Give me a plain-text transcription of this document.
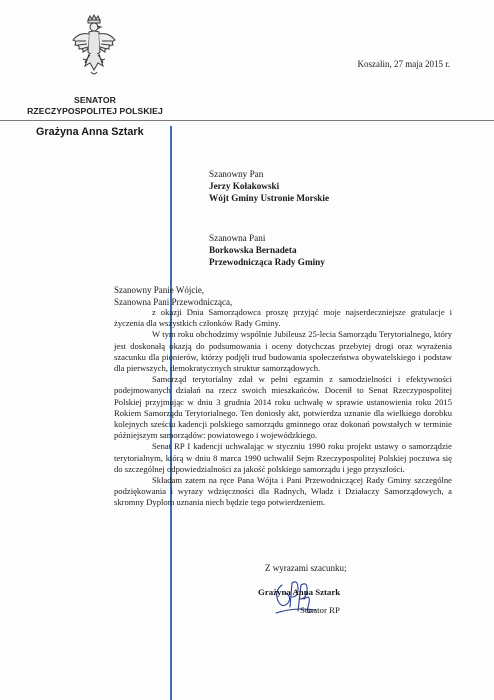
SENATOR
RZECZYPOSPOLITEJ POLSKIEJ
Grażyna Anna Sztark
Koszalin, 27 maja 2015 r.
Szanowny Pan
Jerzy Kołakowski
Wójt Gminy Ustronie Morskie
Szanowna Pani
Borkowska Bernadeta
Przewodnicząca Rady Gminy
Szanowny Panie Wójcie,
Szanowna Pani Przewodnicząca,

z okazji Dnia Samorządowca proszę przyjąć moje najserdeczniejsze gratulacje i życzenia dla wszystkich członków Rady Gminy.

W tym roku obchodzimy wspólnie Jubileusz 25-lecia Samorządu Terytorialnego, który jest doskonałą okazją do podsumowania i oceny dotychczas przebytej drogi oraz wyrażenia szacunku dla pionierów, którzy podjęli trud budowania społeczeństwa obywatelskiego i podstaw dla pierwszych, demokratycznych struktur samorządowych.

Samorząd terytorialny zdał w pełni egzamin z samodzielności i efektywności podejmowanych działań na rzecz swoich mieszkańców. Docenił to Senat Rzeczypospolitej Polskiej przyjmując w dniu 3 grudnia 2014 roku uchwałę w sprawie ustanowienia roku 2015 Rokiem Samorządu Terytorialnego. Ten doniosły akt, potwierdza uznanie dla wielkiego dorobku kolejnych sześciu kadencji polskiego samorządu gminnego oraz dokonań powstałych w terminie późniejszym samorządów: powiatowego i wojewódzkiego.

Senat RP I kadencji uchwalając w styczniu 1990 roku projekt ustawy o samorządzie terytorialnym, którą w dniu 8 marca 1990 uchwalił Sejm Rzeczypospolitej Polskiej poczuwa się do szczególnej odpowiedzialności za jakość polskiego samorządu i jego przyszłości.

Składam zatem na ręce Pana Wójta i Pani Przewodniczącej Rady Gminy szczególne podziękowania i wyrazy wdzięczności dla Radnych, Władz i Działaczy Samorządowych, a skromny Dyplom uznania niech będzie tego potwierdzeniem.

Z wyrazami szacunku;
Grażyna Anna Sztark
Senator RP
